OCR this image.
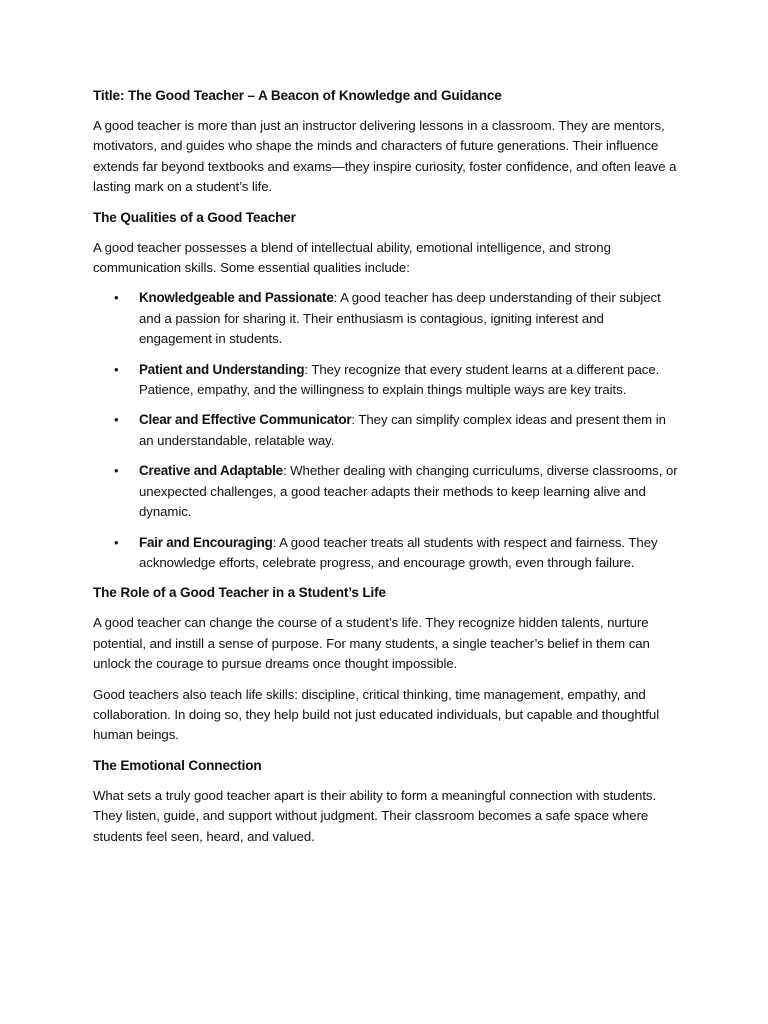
Title: The Good Teacher – A Beacon of Knowledge and Guidance

A good teacher is more than just an instructor delivering lessons in a classroom. They are mentors, motivators, and guides who shape the minds and characters of future generations. Their influence extends far beyond textbooks and exams—they inspire curiosity, foster confidence, and often leave a lasting mark on a student’s life.

The Qualities of a Good Teacher

A good teacher possesses a blend of intellectual ability, emotional intelligence, and strong communication skills. Some essential qualities include:

• Knowledgeable and Passionate: A good teacher has deep understanding of their subject and a passion for sharing it. Their enthusiasm is contagious, igniting interest and engagement in students.
• Patient and Understanding: They recognize that every student learns at a different pace. Patience, empathy, and the willingness to explain things multiple ways are key traits.
• Clear and Effective Communicator: They can simplify complex ideas and present them in an understandable, relatable way.
• Creative and Adaptable: Whether dealing with changing curriculums, diverse classrooms, or unexpected challenges, a good teacher adapts their methods to keep learning alive and dynamic.
• Fair and Encouraging: A good teacher treats all students with respect and fairness. They acknowledge efforts, celebrate progress, and encourage growth, even through failure.
The Role of a Good Teacher in a Student’s Life

A good teacher can change the course of a student’s life. They recognize hidden talents, nurture potential, and instill a sense of purpose. For many students, a single teacher’s belief in them can unlock the courage to pursue dreams once thought impossible.

Good teachers also teach life skills: discipline, critical thinking, time management, empathy, and collaboration. In doing so, they help build not just educated individuals, but capable and thoughtful human beings.

The Emotional Connection

What sets a truly good teacher apart is their ability to form a meaningful connection with students. They listen, guide, and support without judgment. Their classroom becomes a safe space where students feel seen, heard, and valued.
